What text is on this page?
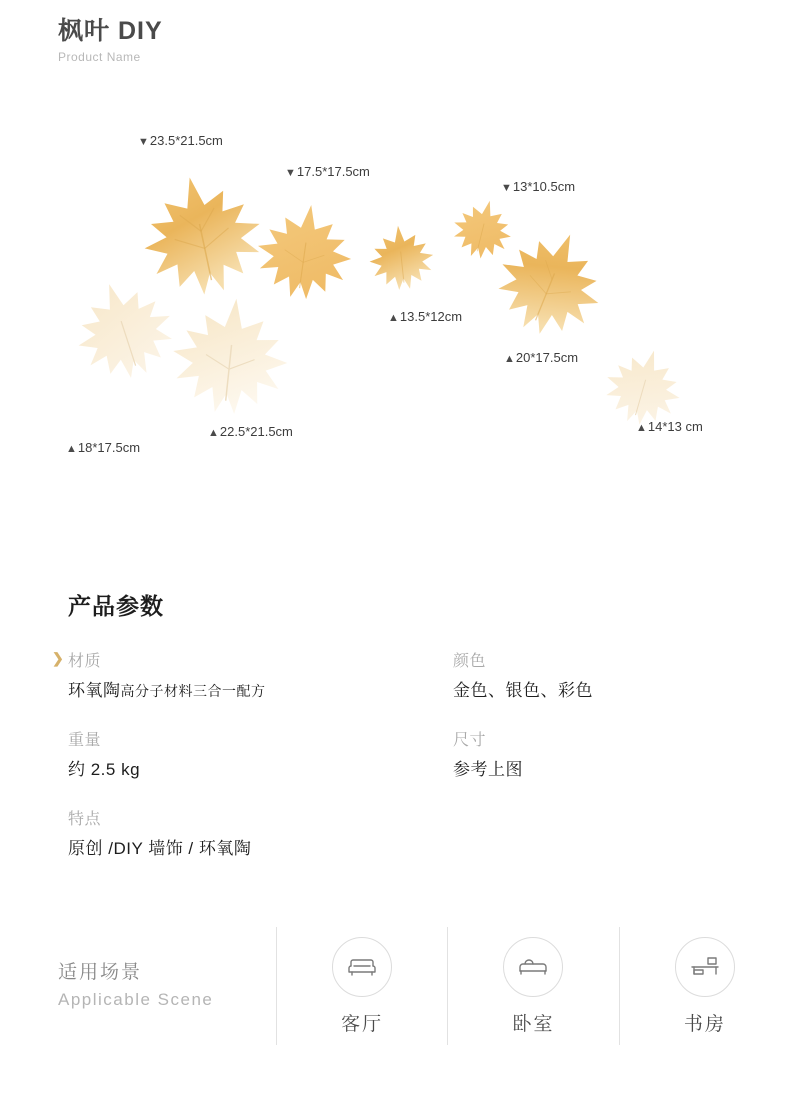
枫叶 DIY
Product Name
▼23.5*21.5cm
▼17.5*17.5cm
▼13*10.5cm
▲13.5*12cm
▲20*17.5cm
▲22.5*21.5cm
▲18*17.5cm
▲14*13 cm
产品参数
❯ 材质
环氧陶高分子材料三合一配方
颜色
金色、银色、彩色
重量
约 2.5 kg
尺寸
参考上图
特点
原创 /DIY 墙饰 / 环氧陶
适用场景
Applicable Scene
客厅	卧室	书房
